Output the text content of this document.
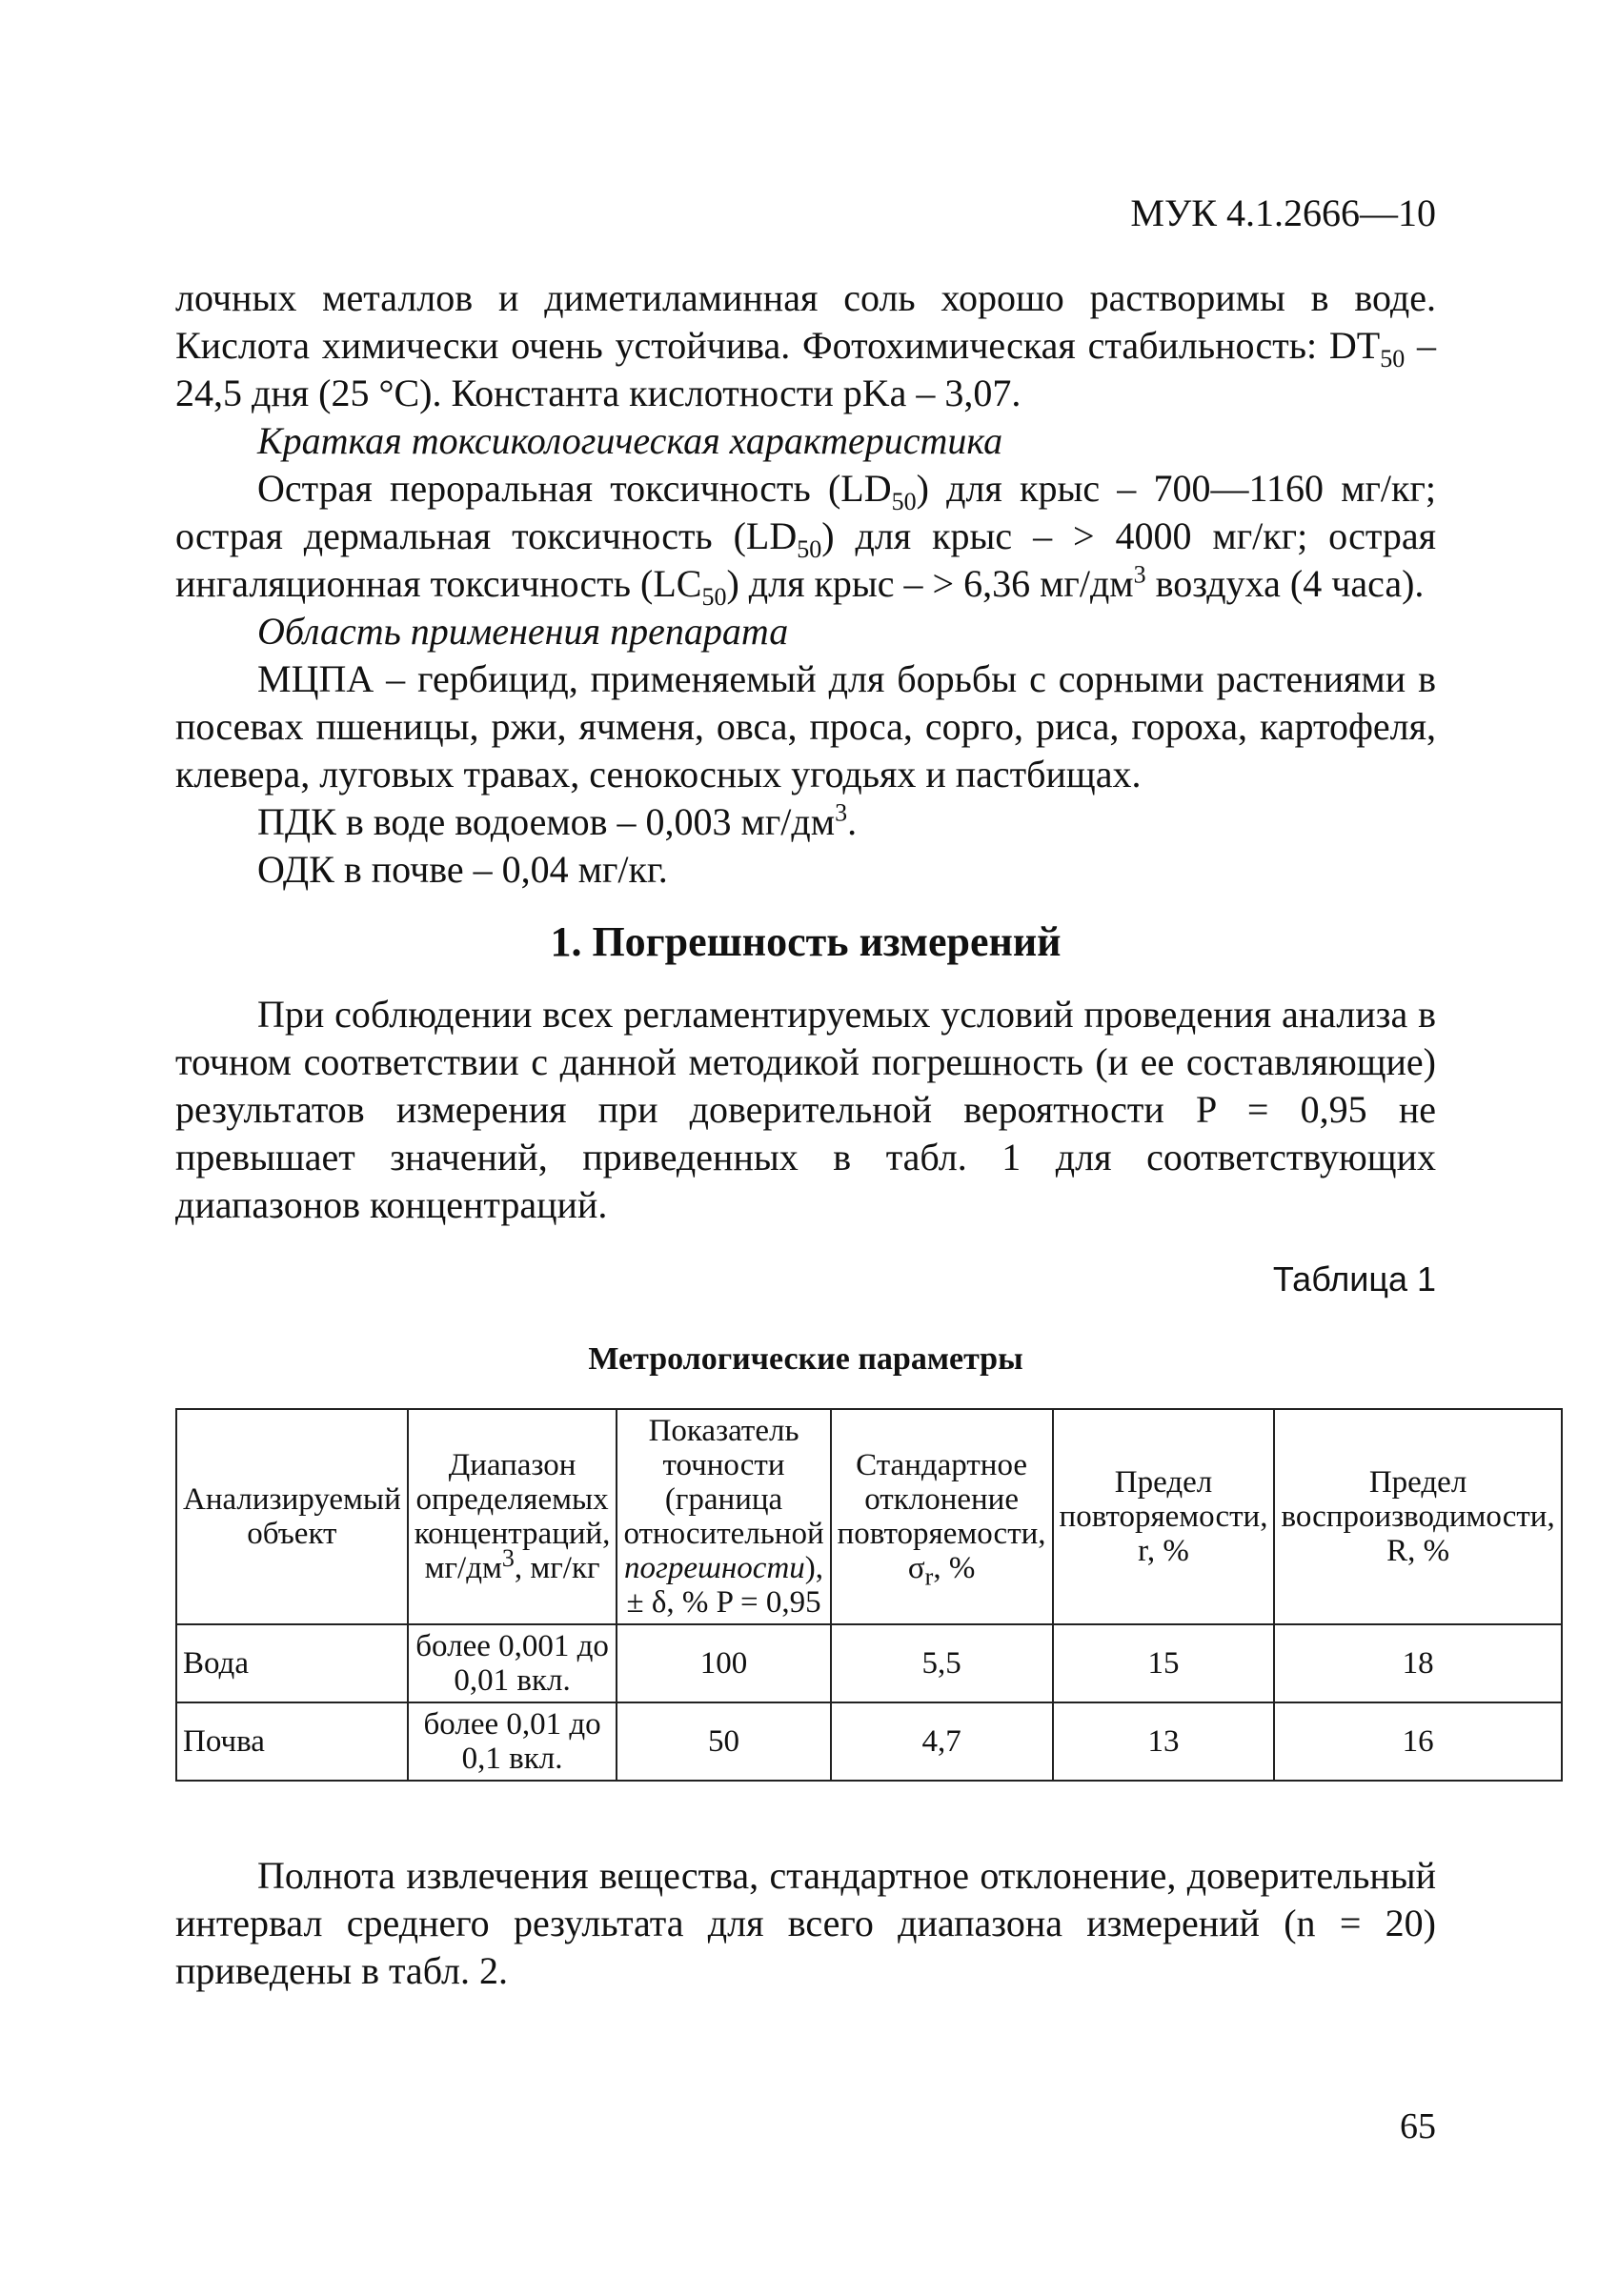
МУК 4.1.2666—10

лочных металлов и диметиламинная соль хорошо растворимы в воде. Кислота химически очень устойчива. Фотохимическая стабильность: $DT_{50} - 24,5$ дня (25 °С). Константа кислотности pKa – 3,07.

Краткая токсикологическая характеристика

Острая пероральная токсичность $(LD_{50})$ для крыс – 700—1160 мг/кг; острая дермальная токсичность $(LD_{50})$ для крыс – > 4000 мг/кг; острая ингаляционная токсичность $(LC_{50})$ для крыс – > 6,36 $мг/дм^3$ воздуха (4 часа).

Область применения препарата

МЦПА – гербицид, применяемый для борьбы с сорными растениями в посевах пшеницы, ржи, ячменя, овса, проса, сорго, риса, гороха, картофеля, клевера, луговых травах, сенокосных угодьях и пастбищах.

ПДК в воде водоемов – 0,003 $мг/дм^3$.

ОДК в почве – 0,04 мг/кг.

1. Погрешность измерений

При соблюдении всех регламентируемых условий проведения анализа в точном соответствии с данной методикой погрешность (и ее составляющие) результатов измерения при доверительной вероятности P = 0,95 не превышает значений, приведенных в табл. 1 для соответствующих диапазонов концентраций.

Таблица 1

Метрологические параметры

Анализируемый объект	Диапазон определяемых концентраций, $мг/дм^3$, мг/кг	Показатель точности (граница относительной погрешности), ± δ, % P = 0,95	Стандартное отклонение повторяемости, $\sigma_r$, %	Предел повторяемости, r, %	Предел воспроизводимости, R, %
Вода	более 0,001 до 0,01 вкл.	100	5,5	15	18
Почва	более 0,01 до 0,1 вкл.	50	4,7	13	16

Полнота извлечения вещества, стандартное отклонение, доверительный интервал среднего результата для всего диапазона измерений (n = 20) приведены в табл. 2.

65
